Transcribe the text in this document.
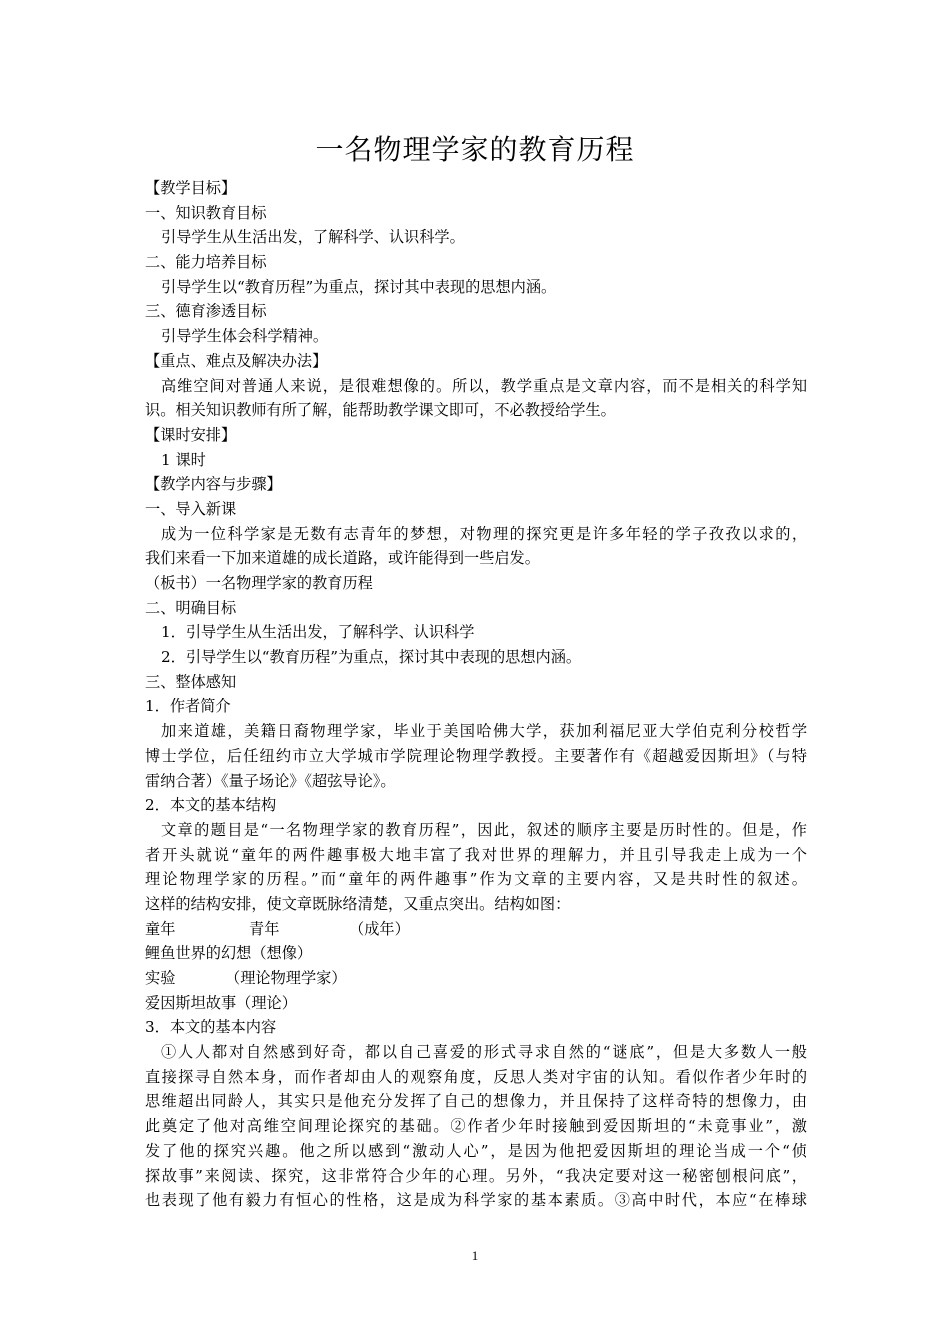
一名物理学家的教育历程
【教学目标】
一、知识教育目标
引导学生从生活出发，了解科学、认识科学。
二、能力培养目标
引导学生以“教育历程”为重点，探讨其中表现的思想内涵。
三、德育渗透目标
引导学生体会科学精神。
【重点、难点及解决办法】
高维空间对普通人来说，是很难想像的。所以，教学重点是文章内容，而不是相关的科学知
识。相关知识教师有所了解，能帮助教学课文即可，不必教授给学生。
【课时安排】
1 课时
【教学内容与步骤】
一、导入新课
成为一位科学家是无数有志青年的梦想，对物理的探究更是许多年轻的学子孜孜以求的，
我们来看一下加来道雄的成长道路，或许能得到一些启发。
（板书）一名物理学家的教育历程
二、明确目标
1．引导学生从生活出发，了解科学、认识科学
2．引导学生以“教育历程”为重点，探讨其中表现的思想内涵。
三、整体感知
1．作者简介
加来道雄，美籍日裔物理学家，毕业于美国哈佛大学，获加利福尼亚大学伯克利分校哲学
博士学位，后任纽约市立大学城市学院理论物理学教授。主要著作有《超越爱因斯坦》（与特
雷纳合著）《量子场论》《超弦导论》。
2．本文的基本结构
文章的题目是“一名物理学家的教育历程”，因此，叙述的顺序主要是历时性的。但是，作
者开头就说“童年的两件趣事极大地丰富了我对世界的理解力，并且引导我走上成为一个
理论物理学家的历程。”而“童年的两件趣事”作为文章的主要内容，又是共时性的叙述。
这样的结构安排，使文章既脉络清楚，又重点突出。结构如图：
童年	青年	（成年）
鲤鱼世界的幻想（想像）
实验	（理论物理学家）
爱因斯坦故事（理论）
3．本文的基本内容
①人人都对自然感到好奇，都以自己喜爱的形式寻求自然的“谜底”，但是大多数人一般
直接探寻自然本身，而作者却由人的观察角度，反思人类对宇宙的认知。看似作者少年时的
思维超出同龄人，其实只是他充分发挥了自己的想像力，并且保持了这样奇特的想像力，由
此奠定了他对高维空间理论探究的基础。②作者少年时接触到爱因斯坦的“未竟事业”，激
发了他的探究兴趣。他之所以感到“激动人心”，是因为他把爱因斯坦的理论当成一个“侦
探故事”来阅读、探究，这非常符合少年的心理。另外，“我决定要对这一秘密刨根问底”，
也表现了他有毅力有恒心的性格，这是成为科学家的基本素质。③高中时代，本应“在棒球
1
